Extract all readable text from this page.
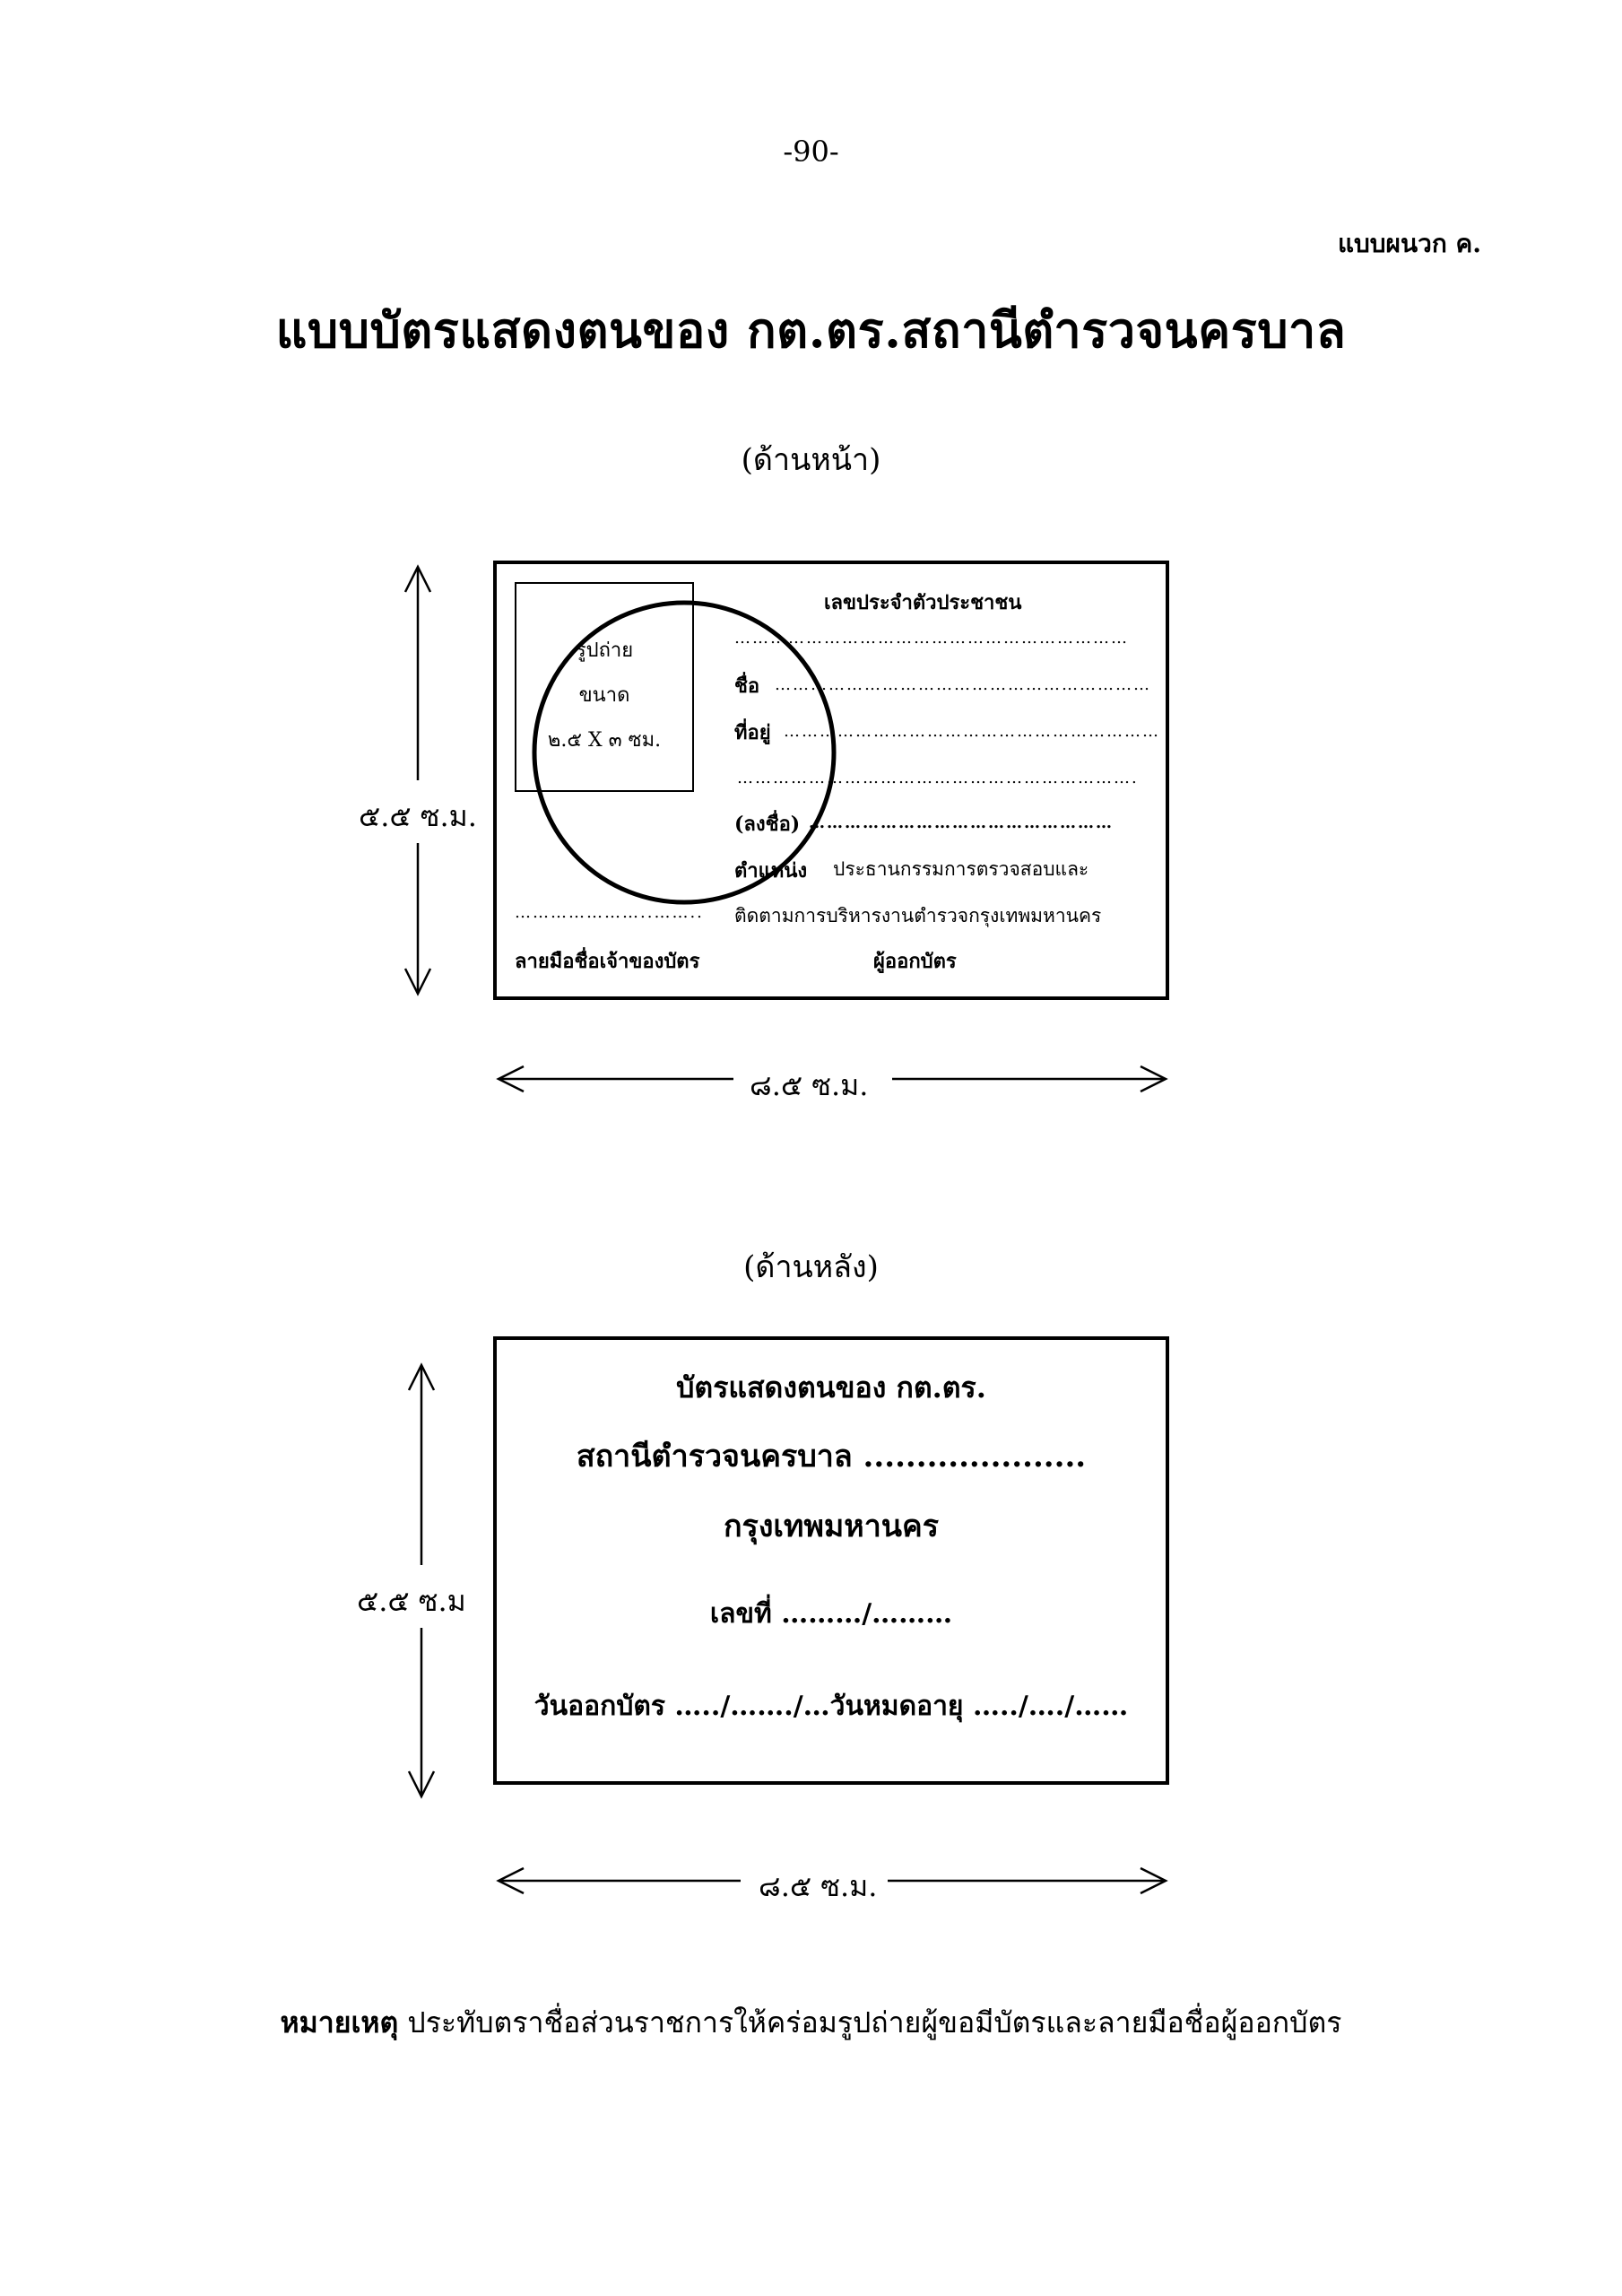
-90-
แบบผนวก ค.
แบบบัตรแสดงตนของ กต.ตร.สถานีตำรวจนครบาล
(ด้านหน้า)
๕.๕ ซ.ม.
๘.๕ ซ.ม.
รูปถ่าย
ขนาด
๒.๕ X ๓ ซม.
เลขประจำตัวประชาชน
…………………………………………………………
ชื่อ ………………………………………………………
ที่อยู่ ………………………………………………………
………………………………………………………….
(ลงชื่อ) ……………………………………………
ตำแหน่ง ประธานกรรมการตรวจสอบและ
ติดตามการบริหารงานตำรวจกรุงเทพมหานคร
…………………..……..
ลายมือชื่อเจ้าของบัตร	ผู้ออกบัตร
(ด้านหลัง)
๕.๕ ซ.ม
๘.๕ ซ.ม.
บัตรแสดงตนของ กต.ตร.
สถานีตำรวจนครบาล .....................
กรุงเทพมหานคร
เลขที่ ………/………
วันออกบัตร …../……./…วันหมดอายุ …../…./……
หมายเหตุ ประทับตราชื่อส่วนราชการให้คร่อมรูปถ่ายผู้ขอมีบัตรและลายมือชื่อผู้ออกบัตร
